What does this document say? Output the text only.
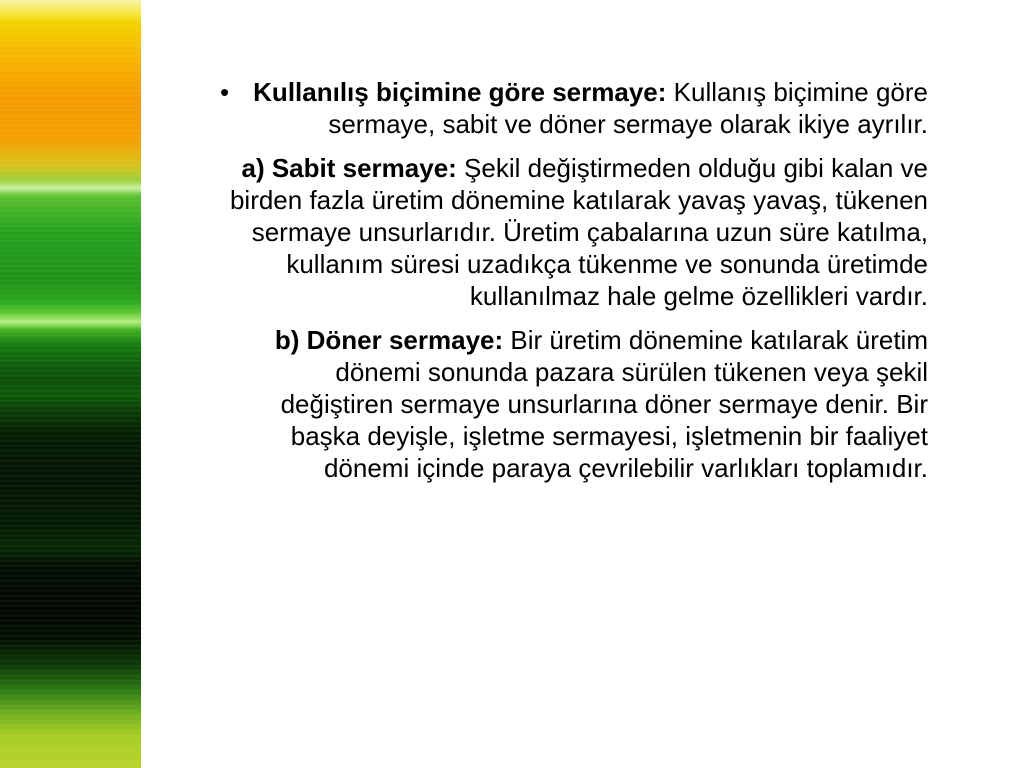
• Kullanılış biçimine göre sermaye: Kullanış biçimine göre sermaye, sabit ve döner sermaye olarak ikiye ayrılır.

a) Sabit sermaye: Şekil değiştirmeden olduğu gibi kalan ve birden fazla üretim dönemine katılarak yavaş yavaş, tükenen sermaye unsurlarıdır. Üretim çabalarına uzun süre katılma, kullanım süresi uzadıkça tükenme ve sonunda üretimde kullanılmaz hale gelme özellikleri vardır.

b) Döner sermaye: Bir üretim dönemine katılarak üretim dönemi sonunda pazara sürülen tükenen veya şekil değiştiren sermaye unsurlarına döner sermaye denir. Bir başka deyişle, işletme sermayesi, işletmenin bir faaliyet dönemi içinde paraya çevrilebilir varlıkları toplamıdır.
